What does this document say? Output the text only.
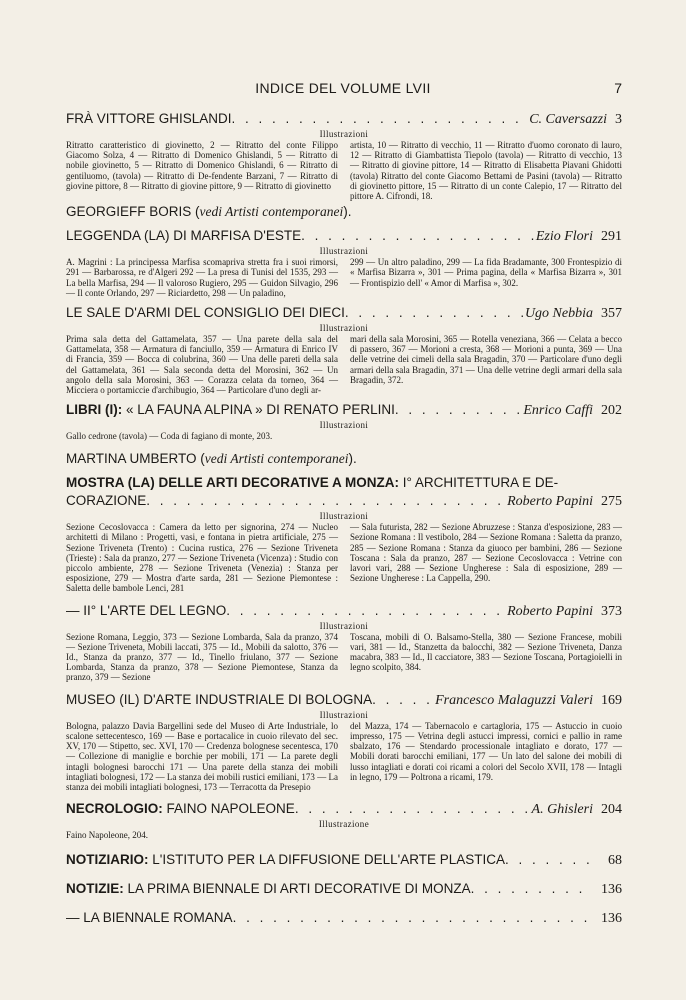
INDICE DEL VOLUME LVII	7
FRÀ VITTORE GHISLANDI . . .	C. Caversazzi 3
Illustrazioni
Ritratto caratteristico di giovinetto, 2 — Ritratto del conte Filippo Giacomo Solza, 4 — Ritratto di Domenico Ghislandi, 5 — Ritratto di nobile giovinetto, 5 — Ritratto di Domenico Ghislandi, 6 — Ritratto di gentiluomo, (tavola) — Ritratto di De-fendente Barzani, 7 — Ritratto di giovine pittore, 8 — Ritratto di giovine pittore, 9 — Ritratto di giovinetto
artista, 10 — Ritratto di vecchio, 11 — Ritratto d'uomo coronato di lauro, 12 — Ritratto di Giambattista Tiepolo (tavola) — Ritratto di vecchio, 13 — Ritratto di giovine pittore, 14 — Ritratto di Elisabetta Piavani Ghidotti (tavola) Ritratto del conte Giacomo Bettami de Pasini (tavola) — Ritratto di giovinetto pittore, 15 — Ritratto di un conte Calepio, 17 — Ritratto del pittore A. Cifrondi, 18.
GEORGIEFF BORIS (vedi Artisti contemporanei).
LEGGENDA (LA) DI MARFISA D'ESTE . . .	Ezio Flori 291
Illustrazioni
A. Magrini : La principessa Marfisa scomapriva stretta fra i suoi rimorsi, 291 — Barbarossa, re d'Algeri 292 — La presa di Tunisi del 1535, 293 — La bella Marfisa, 294 — Il valoroso Rugiero, 295 — Guidon Silvagio, 296 — Il conte Orlando, 297 — Riciardetto, 298 — Un paladino,
299 — Un altro paladino, 299 — La fida Bradamante, 300 Frontespizio di « Marfisa Bizarra », 301 — Prima pagina, della « Marfisa Bizarra », 301 — Frontispizio dell' « Amor di Marfisa », 302.
LE SALE D'ARMI DEL CONSIGLIO DEI DIECI . . .	Ugo Nebbia 357
Illustrazioni
Prima sala detta del Gattamelata, 357 — Una parete della sala del Gattamelata, 358 — Armatura di fanciullo, 359 — Armatura di Enrico IV di Francia, 359 — Bocca di colubrina, 360 — Una delle pareti della sala del Gattamelata, 361 — Sala seconda detta del Morosini, 362 — Un angolo della sala Morosini, 363 — Corazza celata da torneo, 364 — Micciera o portamiccie d'archibugio, 364 — Particolare d'uno degli ar-
mari della sala Morosini, 365 — Rotella veneziana, 366 — Celata a becco di passero, 367 — Morioni a cresta, 368 — Morioni a punta, 369 — Una delle vetrine dei cimeli della sala Bragadin, 370 — Particolare d'uno degli armari della sala Bragadin, 371 — Una delle vetrine degli armari della sala Bragadin, 372.
LIBRI (I): « LA FAUNA ALPINA » DI RENATO PERLINI . . .	Enrico Caffi 202
Illustrazioni
Gallo cedrone (tavola) — Coda di fagiano di monte, 203.
MARTINA UMBERTO (vedi Artisti contemporanei).
MOSTRA (LA) DELLE ARTI DECORATIVE A MONZA: I° ARCHITETTURA E DE-
CORAZIONE . . .	Roberto Papini 275
Illustrazioni
Sezione Cecoslovacca : Camera da letto per signorina, 274 — Nucleo architetti di Milano : Progetti, vasi, e fontana in pietra artificiale, 275 — Sezione Triveneta (Trento) : Cucina rustica, 276 — Sezione Triveneta (Trieste) : Sala da pranzo, 277 — Sezione Triveneta (Vicenza) : Studio con piccolo ambiente, 278 — Sezione Triveneta (Venezia) : Stanza per esposizione, 279 — Mostra d'arte sarda, 281 — Sezione Piemontese : Saletta delle bambole Lenci, 281
— Sala futurista, 282 — Sezione Abruzzese : Stanza d'esposizione, 283 — Sezione Romana : Il vestibolo, 284 — Sezione Romana : Saletta da pranzo, 285 — Sezione Romana : Stanza da giuoco per bambini, 286 — Sezione Toscana : Sala da pranzo, 287 — Sezione Cecoslovacca : Vetrine con lavori vari, 288 — Sezione Ungherese : Sala di esposizione, 289 — Sezione Ungherese : La Cappella, 290.
— II° L'ARTE DEL LEGNO . . .	Roberto Papini 373
Illustrazioni
Sezione Romana, Leggio, 373 — Sezione Lombarda, Sala da pranzo, 374 — Sezione Triveneta, Mobili laccati, 375 — Id., Mobili da salotto, 376 — Id., Stanza da pranzo, 377 — Id., Tinello friulano, 377 — Sezione Lombarda, Stanza da pranzo, 378 — Sezione Piemontese, Stanza da pranzo, 379 — Sezione
Toscana, mobili di O. Balsamo-Stella, 380 — Sezione Francese, mobili vari, 381 — Id., Stanzetta da balocchi, 382 — Sezione Triveneta, Danza macabra, 383 — Id., Il cacciatore, 383 — Sezione Toscana, Portagioielli in legno scolpito, 384.
MUSEO (IL) D'ARTE INDUSTRIALE DI BOLOGNA . . .	Francesco Malaguzzi Valeri 169
Illustrazioni
Bologna, palazzo Davia Bargellini sede del Museo di Arte Industriale, lo scalone settecentesco, 169 — Base e portacalice in cuoio rilevato del sec. XV, 170 — Stipetto, sec. XVI, 170 — Credenza bolognese secentesca, 170 — Collezione di maniglie e borchie per mobili, 171 — La parete degli intagli bolognesi barocchi 171 — Una parete della stanza dei mobili intagliati bolognesi, 172 — La stanza dei mobili rustici emiliani, 173 — La stanza dei mobili intagliati bolognesi, 173 — Terracotta da Presepio
del Mazza, 174 — Tabernacolo e cartagloria, 175 — Astuccio in cuoio impresso, 175 — Vetrina degli astucci impressi, cornici e pallio in rame sbalzato, 176 — Stendardo processionale intagliato e dorato, 177 — Mobili dorati barocchi emiliani, 177 — Un lato del salone dei mobili di lusso intagliati e dorati coi ricami a colori del Secolo XVII, 178 — Intagli in legno, 179 — Poltrona a ricami, 179.
NECROLOGIO: FAINO NAPOLEONE . . .	A. Ghisleri 204
Illustrazione
Faino Napoleone, 204.
NOTIZIARIO: L'ISTITUTO PER LA DIFFUSIONE DELL'ARTE PLASTICA . . .	68
NOTIZIE: LA PRIMA BIENNALE DI ARTI DECORATIVE DI MONZA . . .	136
— LA BIENNALE ROMANA . . .	136
